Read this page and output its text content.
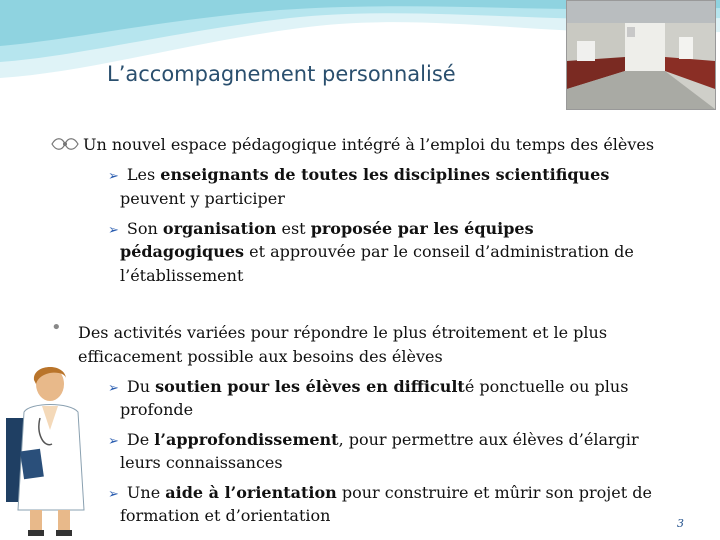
L’accompagnement personnalisé
Un nouvel espace pédagogique intégré à l’emploi du temps des élèves
➢ Les enseignants de toutes les disciplines scientifiques
peuvent y participer
➢ Son organisation est proposée par les équipes
pédagogiques et approuvée par le conseil d’administration de
l’établissement
• Des activités variées pour répondre le plus étroitement et le plus
efficacement possible aux besoins des élèves
➢ Du soutien pour les élèves en difficulté ponctuelle ou plus
profonde
➢ De l’approfondissement, pour permettre aux élèves d’élargir
leurs connaissances
➢ Une aide à l’orientation pour construire et mûrir son projet de
formation et d’orientation	3
